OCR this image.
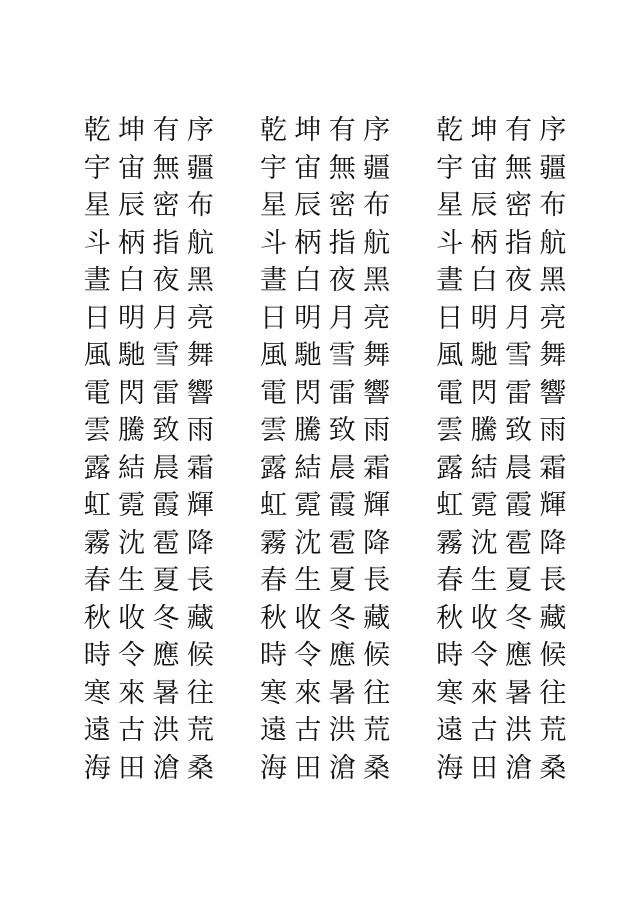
乾 坤 有 序 乾 坤 有 序 乾 坤 有 序
宇 宙 無 疆 宇 宙 無 疆 宇 宙 無 疆
星 辰 密 布 星 辰 密 布 星 辰 密 布
斗 柄 指 航 斗 柄 指 航 斗 柄 指 航
晝 白 夜 黑 晝 白 夜 黑 晝 白 夜 黑
日 明 月 亮 日 明 月 亮 日 明 月 亮
風 馳 雪 舞 風 馳 雪 舞 風 馳 雪 舞
電 閃 雷 響 電 閃 雷 響 電 閃 雷 響
雲 騰 致 雨 雲 騰 致 雨 雲 騰 致 雨
露 結 晨 霜 露 結 晨 霜 露 結 晨 霜
虹 霓 霞 輝 虹 霓 霞 輝 虹 霓 霞 輝
霧 沈 雹 降 霧 沈 雹 降 霧 沈 雹 降
春 生 夏 長 春 生 夏 長 春 生 夏 長
秋 收 冬 藏 秋 收 冬 藏 秋 收 冬 藏
時 令 應 候 時 令 應 候 時 令 應 候
寒 來 暑 往 寒 來 暑 往 寒 來 暑 往
遠 古 洪 荒 遠 古 洪 荒 遠 古 洪 荒
海 田 滄 桑 海 田 滄 桑 海 田 滄 桑
